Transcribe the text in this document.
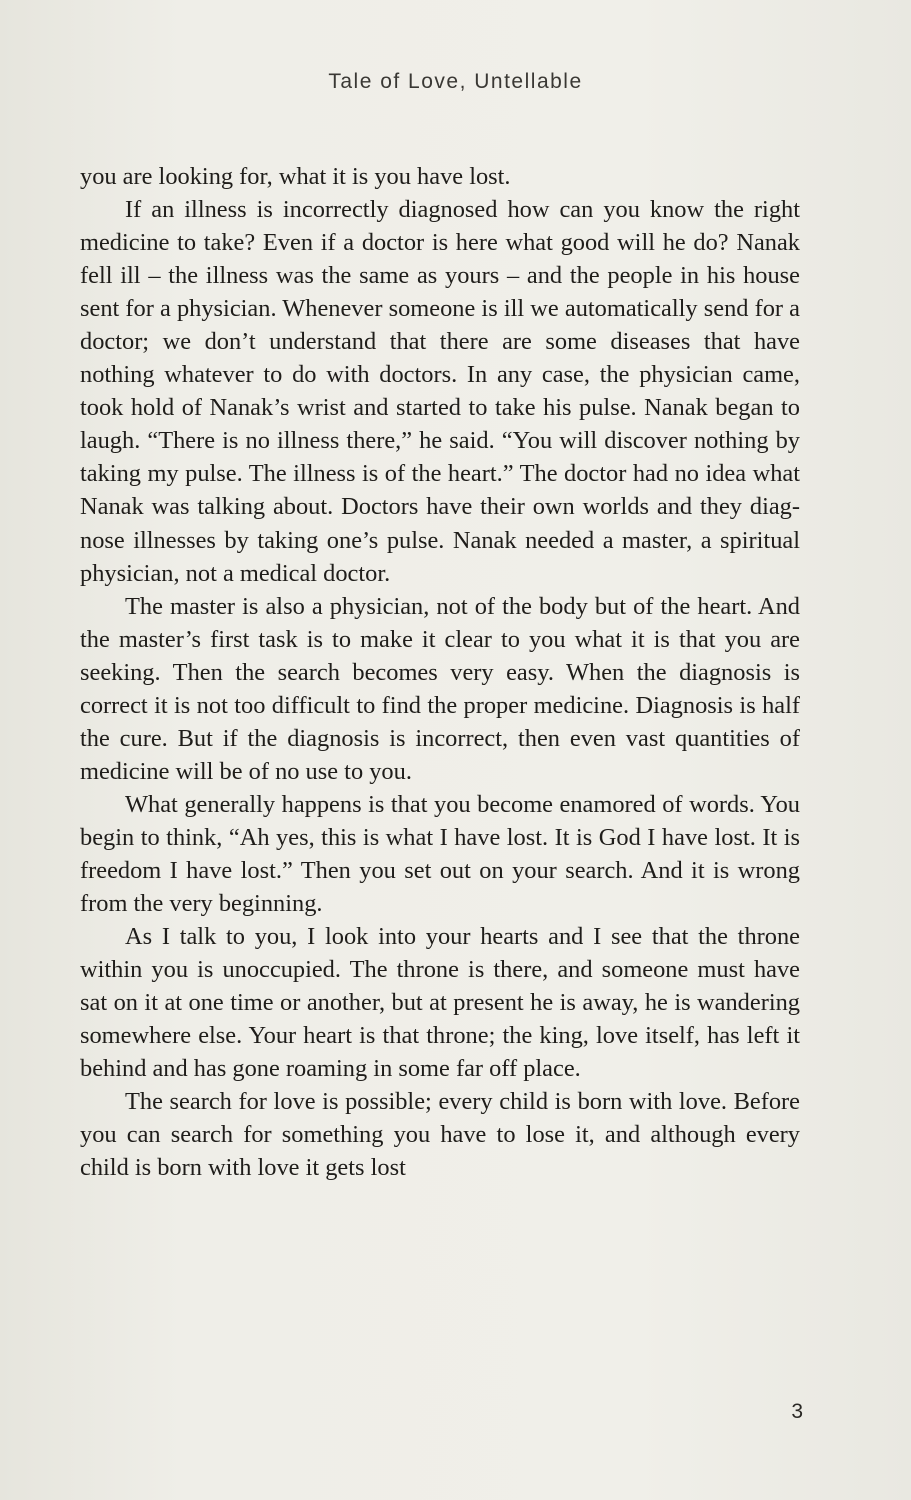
Tale of Love, Untellable

you are looking for, what it is you have lost.

If an illness is incorrectly diagnosed how can you know the right medicine to take? Even if a doctor is here what good will he do? Nanak fell ill – the illness was the same as yours – and the people in his house sent for a physician. Whenever someone is ill we automatically send for a doctor; we don’t understand that there are some diseases that have nothing whatever to do with doctors. In any case, the physician came, took hold of Nanak’s wrist and started to take his pulse. Nanak began to laugh. “There is no illness there,” he said. “You will discover nothing by taking my pulse. The illness is of the heart.” The doctor had no idea what Nanak was talking about. Doctors have their own worlds and they diagnose illnesses by taking one’s pulse. Nanak needed a master, a spiritual physician, not a medical doctor.

The master is also a physician, not of the body but of the heart. And the master’s first task is to make it clear to you what it is that you are seeking. Then the search becomes very easy. When the diagnosis is correct it is not too difficult to find the proper medicine. Diagnosis is half the cure. But if the diagnosis is incorrect, then even vast quantities of medicine will be of no use to you.

What generally happens is that you become enamored of words. You begin to think, “Ah yes, this is what I have lost. It is God I have lost. It is freedom I have lost.” Then you set out on your search. And it is wrong from the very beginning.

As I talk to you, I look into your hearts and I see that the throne within you is unoccupied. The throne is there, and someone must have sat on it at one time or another, but at present he is away, he is wandering somewhere else. Your heart is that throne; the king, love itself, has left it behind and has gone roaming in some far off place.

The search for love is possible; every child is born with love. Before you can search for something you have to lose it, and although every child is born with love it gets lost

3
